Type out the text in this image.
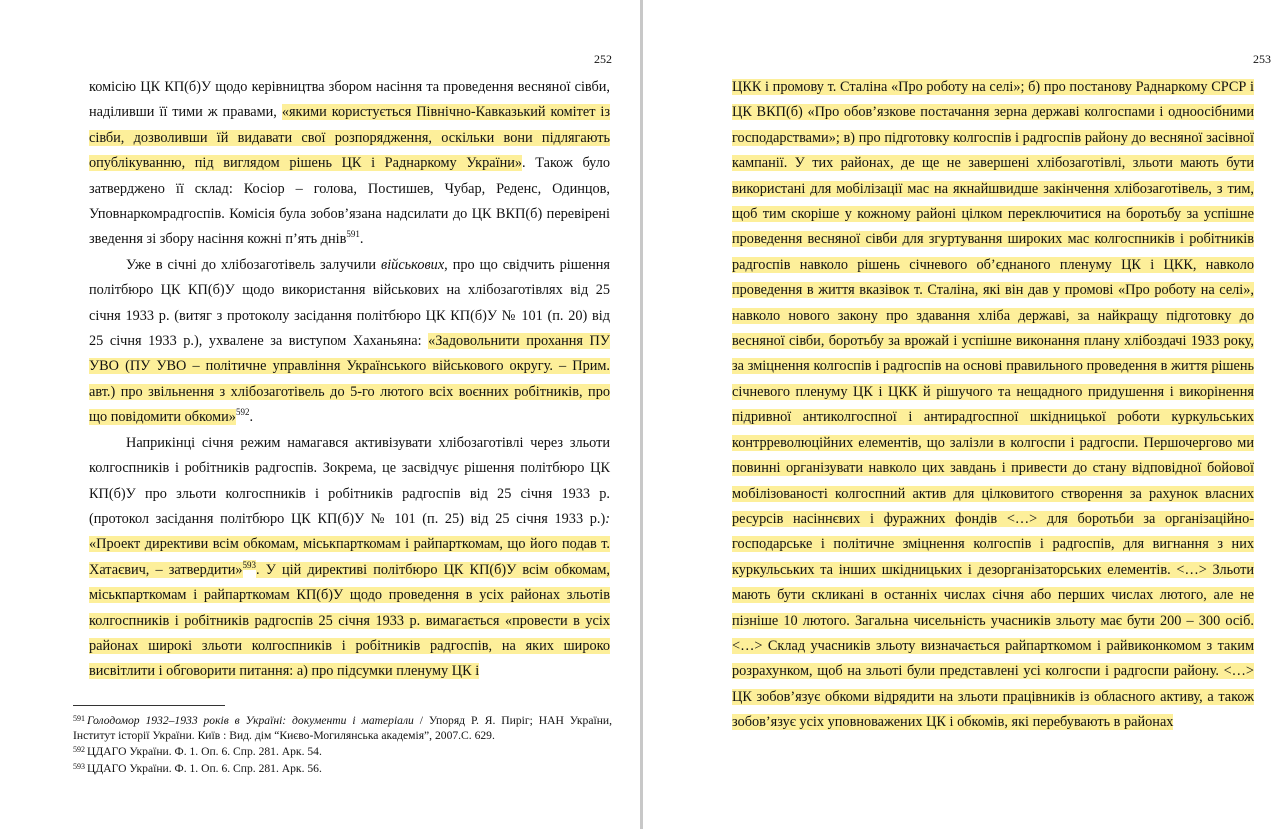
252

комісію ЦК КП(б)У щодо керівництва збором насіння та проведення весняної сівби, наділивши її тими ж правами, «якими користується Північно-Кавказький комітет із сівби, дозволивши їй видавати свої розпорядження, оскільки вони підлягають опублікуванню, під виглядом рішень ЦК і Раднаркому України». Також було затверджено її склад: Косіор – голова, Постишев, Чубар, Реденс, Одинцов, Уповнаркомрадгоспів. Комісія була зобов’язана надсилати до ЦК ВКП(б) перевірені зведення зі збору насіння кожні п’ять днів$^{591}$.

Уже в січні до хлібозаготівель залучили військових, про що свідчить рішення політбюро ЦК КП(б)У щодо використання військових на хлібозаготівлях від 25 січня 1933 р. (витяг з протоколу засідання політбюро ЦК КП(б)У № 101 (п. 20) від 25 січня 1933 р.), ухвалене за виступом Хаханьяна: «Задовольнити прохання ПУ УВО (ПУ УВО – політичне управління Українського військового округу. – Прим. авт.) про звільнення з хлібозаготівель до 5-го лютого всіх воєнних робітників, про що повідомити обкоми»$^{592}$.

Наприкінці січня режим намагався активізувати хлібозаготівлі через зльоти колгоспників і робітників радгоспів. Зокрема, це засвідчує рішення політбюро ЦК КП(б)У про зльоти колгоспників і робітників радгоспів від 25 січня 1933 р. (протокол засідання політбюро ЦК КП(б)У № 101 (п. 25) від 25 січня 1933 р.): «Проект директиви всім обкомам, міськпарткомам і райпарткомам, що його подав т. Хатаєвич, – затвердити»$^{593}$. У цій директиві політбюро ЦК КП(б)У всім обкомам, міськпарткомам і райпарткомам КП(б)У щодо проведення в усіх районах зльотів колгоспників і робітників радгоспів 25 січня 1933 р. вимагається «провести в усіх районах широкі зльоти колгоспників і робітників радгоспів, на яких широко висвітлити і обговорити питання: а) про підсумки пленуму ЦК і

$^{591}$ Голодомор 1932–1933 років в Україні: документи і матеріали / Упоряд Р. Я. Пиріг; НАН України, Інститут історії України. Київ : Вид. дім “Києво-Могилянська академія”, 2007.С. 629.

$^{592}$ ЦДАГО України. Ф. 1. Оп. 6. Спр. 281. Арк. 54.

$^{593}$ ЦДАГО України. Ф. 1. Оп. 6. Спр. 281. Арк. 56.

253

ЦКК і промову т. Сталіна «Про роботу на селі»; б) про постанову Раднаркому СРСР і ЦК ВКП(б) «Про обов’язкове постачання зерна державі колгоспами і одноосібними господарствами»; в) про підготовку колгоспів і радгоспів району до весняної засівної кампанії. У тих районах, де ще не завершені хлібозаготівлі, зльоти мають бути використані для мобілізації мас на якнайшвидше закінчення хлібозаготівель, з тим, щоб тим скоріше у кожному районі цілком переключитися на боротьбу за успішне проведення весняної сівби для згуртування широких мас колгоспників і робітників радгоспів навколо рішень січневого об’єднаного пленуму ЦК і ЦКК, навколо проведення в життя вказівок т. Сталіна, які він дав у промові «Про роботу на селі», навколо нового закону про здавання хліба державі, за найкращу підготовку до весняної сівби, боротьбу за врожай і успішне виконання плану хлібоздачі 1933 року, за зміцнення колгоспів і радгоспів на основі правильного проведення в життя рішень січневого пленуму ЦК і ЦКК й рішучого та нещадного придушення і викорінення підривної антиколгоспної і антирадгоспної шкідницької роботи куркульських контрреволюційних елементів, що залізли в колгоспи і радгоспи. Першочергово ми повинні організувати навколо цих завдань і привести до стану відповідної бойової мобілізованості колгоспний актив для цілковитого створення за рахунок власних ресурсів насіннєвих і фуражних фондів <…> для боротьби за організаційно-господарське і політичне зміцнення колгоспів і радгоспів, для вигнання з них куркульських та інших шкідницьких і дезорганізаторських елементів. <…> Зльоти мають бути скликані в останніх числах січня або перших числах лютого, але не пізніше 10 лютого. Загальна чисельність учасників зльоту має бути 200 – 300 осіб. <…> Склад учасників зльоту визначається райпарткомом і райвиконкомом з таким розрахунком, щоб на зльоті були представлені усі колгоспи і радгоспи району. <…> ЦК зобов’язує обкоми відрядити на зльоти працівників із обласного активу, а також зобов’язує усіх уповноважених ЦК і обкомів, які перебувають в районах
